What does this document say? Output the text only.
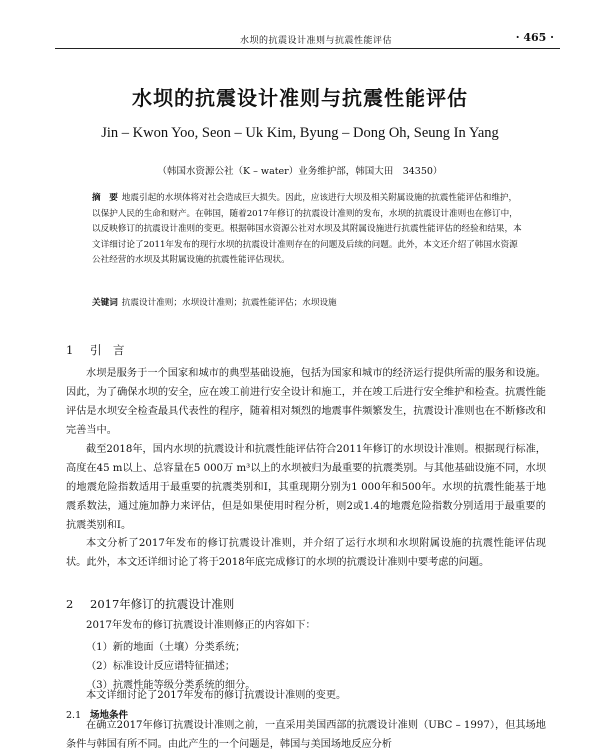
水坝的抗震设计准则与抗震性能评估	· 465 ·
水坝的抗震设计准则与抗震性能评估
Jin – Kwon Yoo, Seon – Uk Kim, Byung – Dong Oh, Seung In Yang
（韩国水资源公社（K – water）业务维护部，韩国大田　34350）
摘　要 地震引起的水坝体将对社会造成巨大损失。因此，应该进行大坝及相关附属设施的抗震性能评估和维护，以保护人民的生命和财产。在韩国，随着2017年修订的抗震设计准则的发布，水坝的抗震设计准则也在修订中，以反映修订的抗震设计准则的变更。根据韩国水资源公社对水坝及其附属设施进行抗震性能评估的经验和结果，本文详细讨论了2011年发布的现行水坝的抗震设计准则存在的问题及后续的问题。此外，本文还介绍了韩国水资源公社经营的水坝及其附属设施的抗震性能评估现状。
关键词 抗震设计准则；水坝设计准则；抗震性能评估；水坝设施
1 引　言
水坝是服务于一个国家和城市的典型基础设施，包括为国家和城市的经济运行提供所需的服务和设施。因此，为了确保水坝的安全，应在竣工前进行安全设计和施工，并在竣工后进行安全维护和检查。抗震性能评估是水坝安全检查最具代表性的程序，随着相对频烈的地震事件频繁发生，抗震设计准则也在不断修改和完善当中。
截至2018年，国内水坝的抗震设计和抗震性能评估符合2011年修订的水坝设计准则。根据现行标准，高度在45 m以上、总容量在5 000万 m³以上的水坝被归为最重要的抗震类别。与其他基础设施不同，水坝的地震危险指数适用于最重要的抗震类别和Ⅰ，其重现期分别为1 000年和500年。水坝的抗震性能基于地震系数法，通过施加静力来评估，但是如果使用时程分析，则2或1.4的地震危险指数分别适用于最重要的抗震类别和Ⅰ。
本文分析了2017年发布的修订抗震设计准则，并介绍了运行水坝和水坝附属设施的抗震性能评估现状。此外，本文还详细讨论了将于2018年底完成修订的水坝的抗震设计准则中要考虑的问题。
2 2017年修订的抗震设计准则
2017年发布的修订抗震设计准则修正的内容如下：
（1）新的地面（土壤）分类系统；
（2）标准设计反应谱特征描述；
（3）抗震性能等级分类系统的细分。
本文详细讨论了2017年发布的修订抗震设计准则的变更。
2.1 场地条件
在确立2017年修订抗震设计准则之前，一直采用美国西部的抗震设计准则（UBC – 1997），但其场地条件与韩国有所不同。由此产生的一个问题是，韩国与美国场地反应分析
